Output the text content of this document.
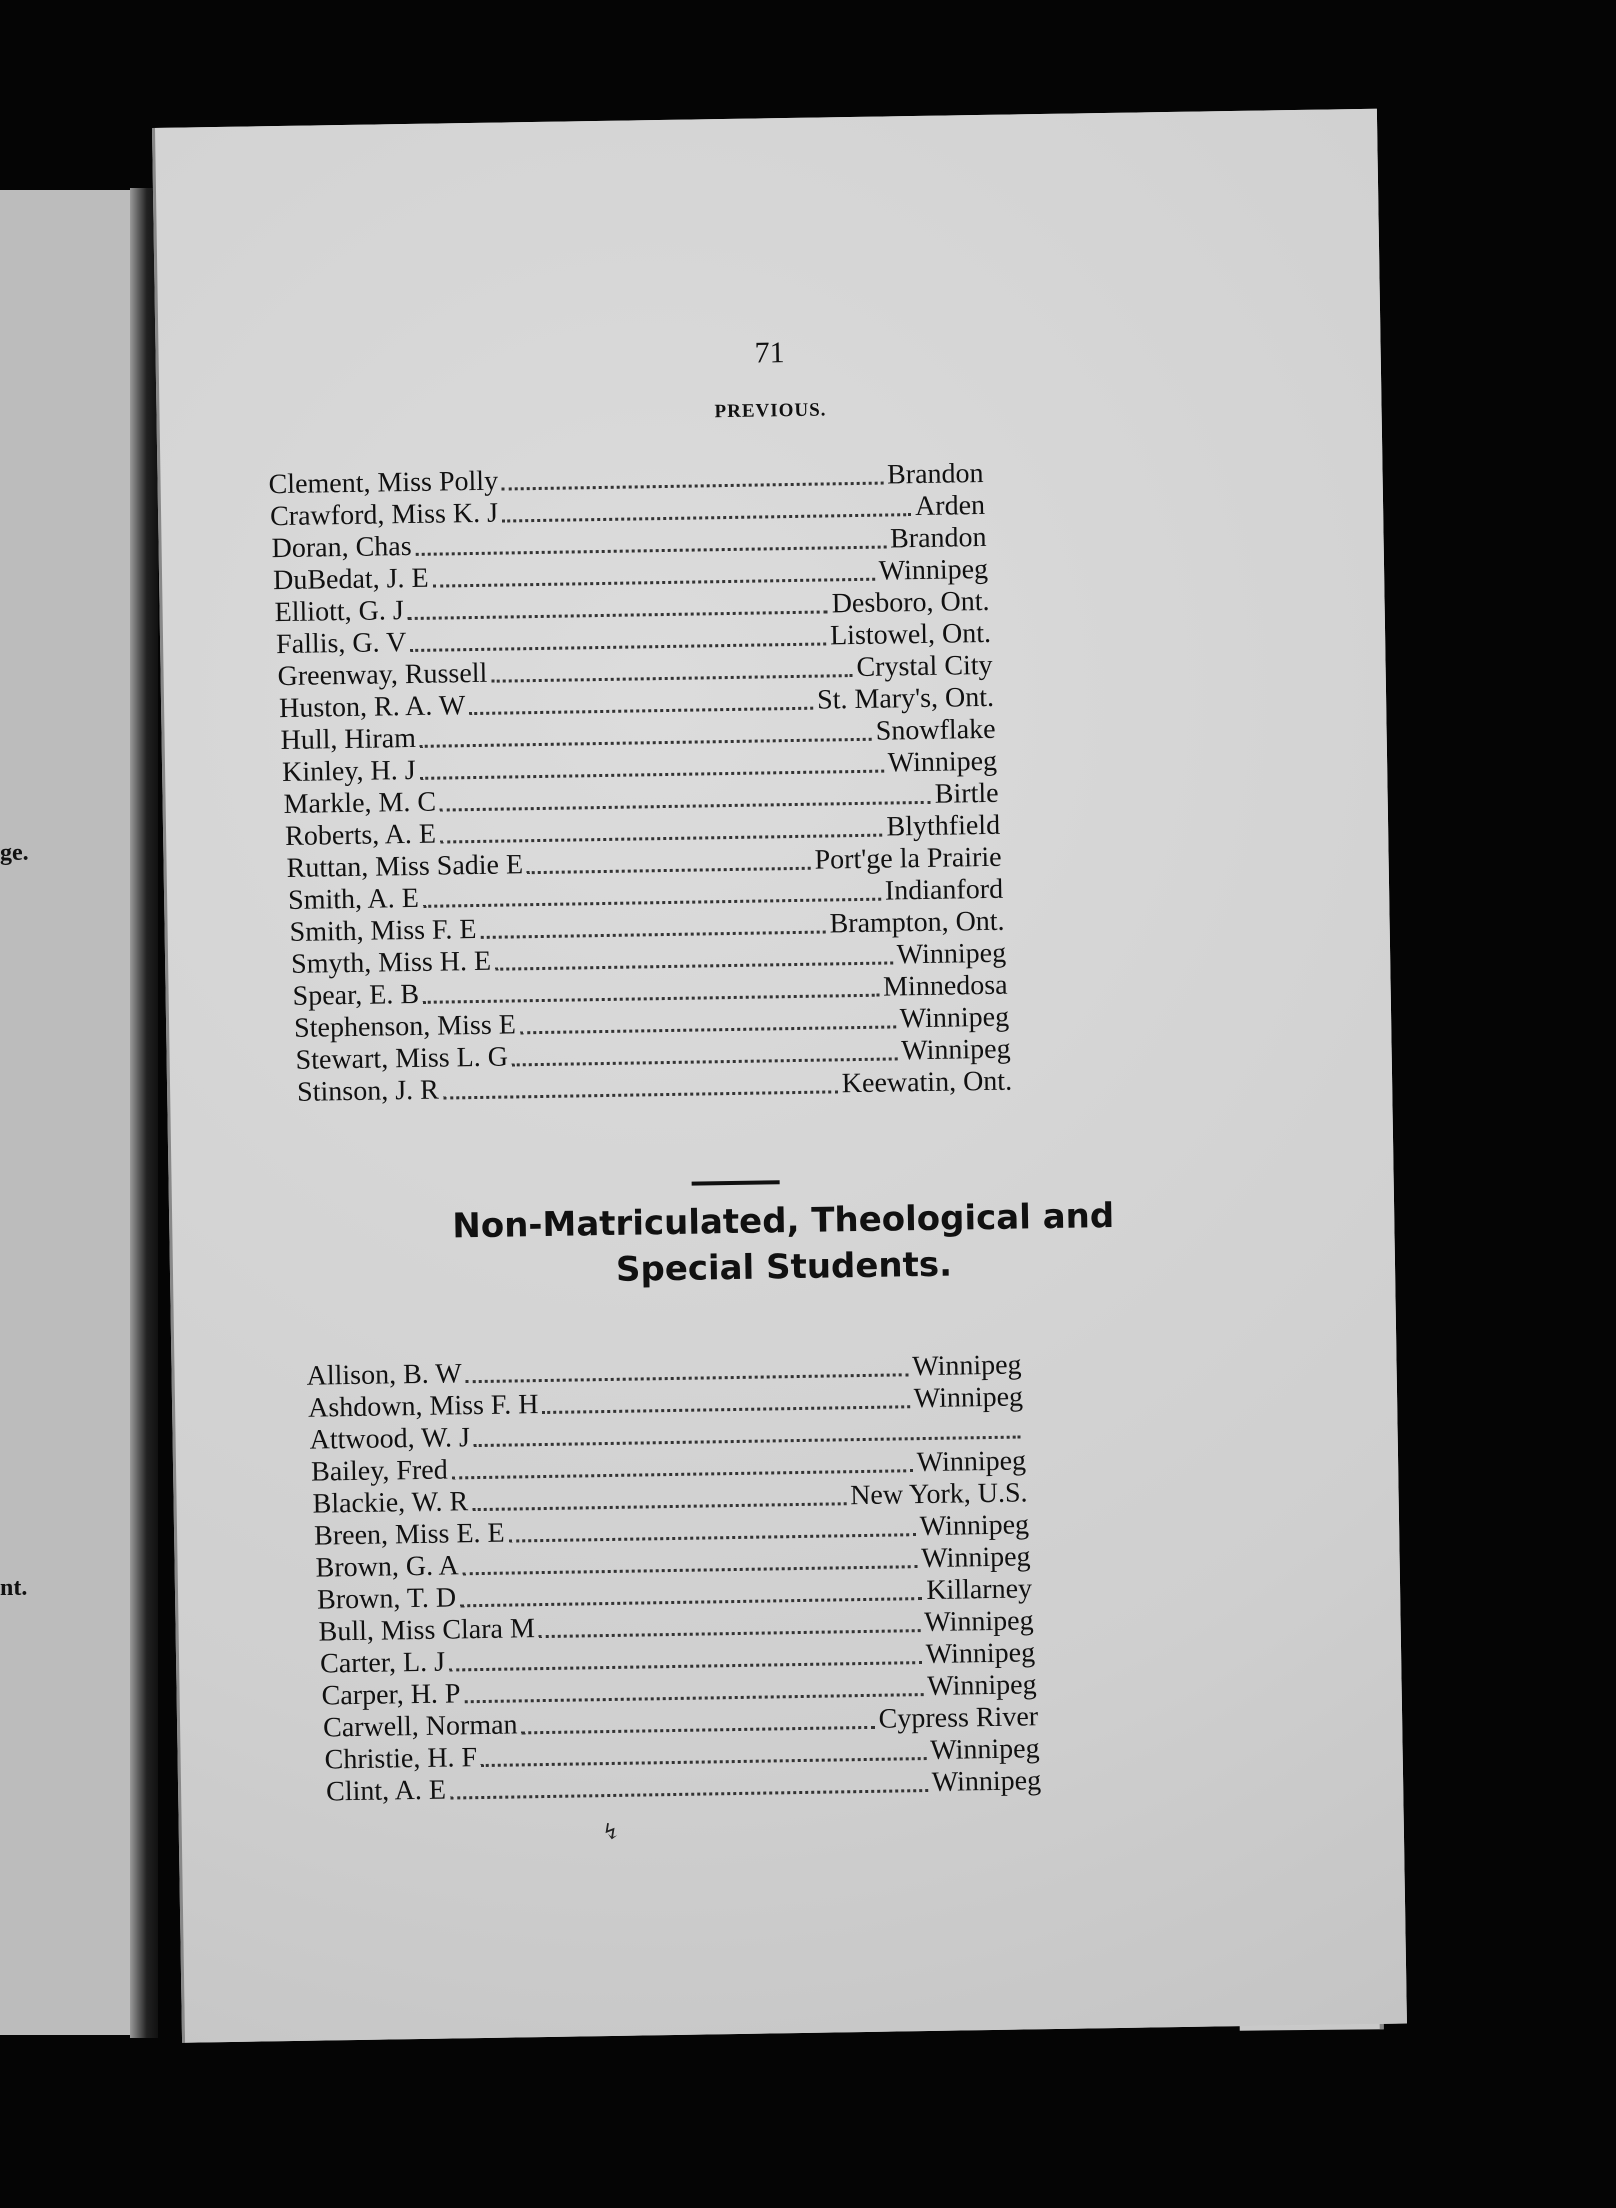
ge.
nt.
71
PREVIOUS.
Clement, Miss Polly	Brandon
Crawford, Miss K. J	Arden
Doran, Chas	Brandon
DuBedat, J. E	Winnipeg
Elliott, G. J	Desboro, Ont.
Fallis, G. V	Listowel, Ont.
Greenway, Russell	Crystal City
Huston, R. A. W	St. Mary's, Ont.
Hull, Hiram	Snowflake
Kinley, H. J	Winnipeg
Markle, M. C	Birtle
Roberts, A. E	Blythfield
Ruttan, Miss Sadie E	Port'ge la Prairie
Smith, A. E	Indianford
Smith, Miss F. E	Brampton, Ont.
Smyth, Miss H. E	Winnipeg
Spear, E. B	Minnedosa
Stephenson, Miss E	Winnipeg
Stewart, Miss L. G	Winnipeg
Stinson, J. R	Keewatin, Ont.
Non-Matriculated, Theological and
Special Students.
Allison, B. W	Winnipeg
Ashdown, Miss F. H	Winnipeg
Attwood, W. J
Bailey, Fred	Winnipeg
Blackie, W. R	New York, U.S.
Breen, Miss E. E	Winnipeg
Brown, G. A	Winnipeg
Brown, T. D	Killarney
Bull, Miss Clara M	Winnipeg
Carter, L. J	Winnipeg
Carper, H. P	Winnipeg
Carwell, Norman	Cypress River
Christie, H. F	Winnipeg
Clint, A. E	Winnipeg
↯
